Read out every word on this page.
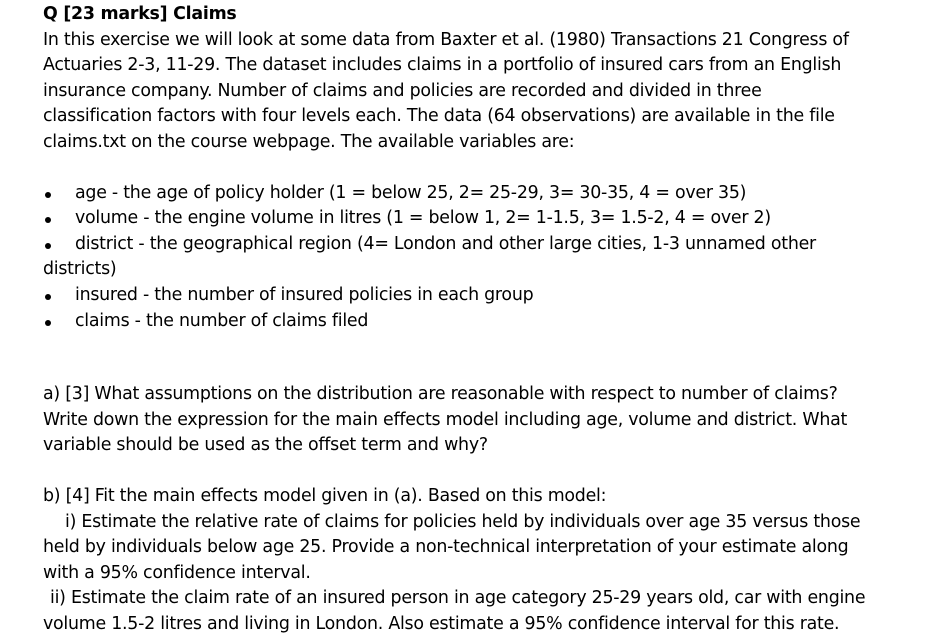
Q [23 marks] Claims
In this exercise we will look at some data from Baxter et al. (1980) Transactions 21 Congress of
Actuaries 2-3, 11-29. The dataset includes claims in a portfolio of insured cars from an English
insurance company. Number of claims and policies are recorded and divided in three
classification factors with four levels each. The data (64 observations) are available in the file
claims.txt on the course webpage. The available variables are:
age - the age of policy holder (1 = below 25, 2= 25-29, 3= 30-35, 4 = over 35)
volume - the engine volume in litres (1 = below 1, 2= 1-1.5, 3= 1.5-2, 4 = over 2)
district - the geographical region (4= London and other large cities, 1-3 unnamed other
districts)
insured - the number of insured policies in each group
claims - the number of claims filed
a) [3] What assumptions on the distribution are reasonable with respect to number of claims?
Write down the expression for the main effects model including age, volume and district. What
variable should be used as the offset term and why?
b) [4] Fit the main effects model given in (a). Based on this model:
i) Estimate the relative rate of claims for policies held by individuals over age 35 versus those
held by individuals below age 25. Provide a non-technical interpretation of your estimate along
with a 95% confidence interval.
ii) Estimate the claim rate of an insured person in age category 25-29 years old, car with engine
volume 1.5-2 litres and living in London. Also estimate a 95% confidence interval for this rate.
